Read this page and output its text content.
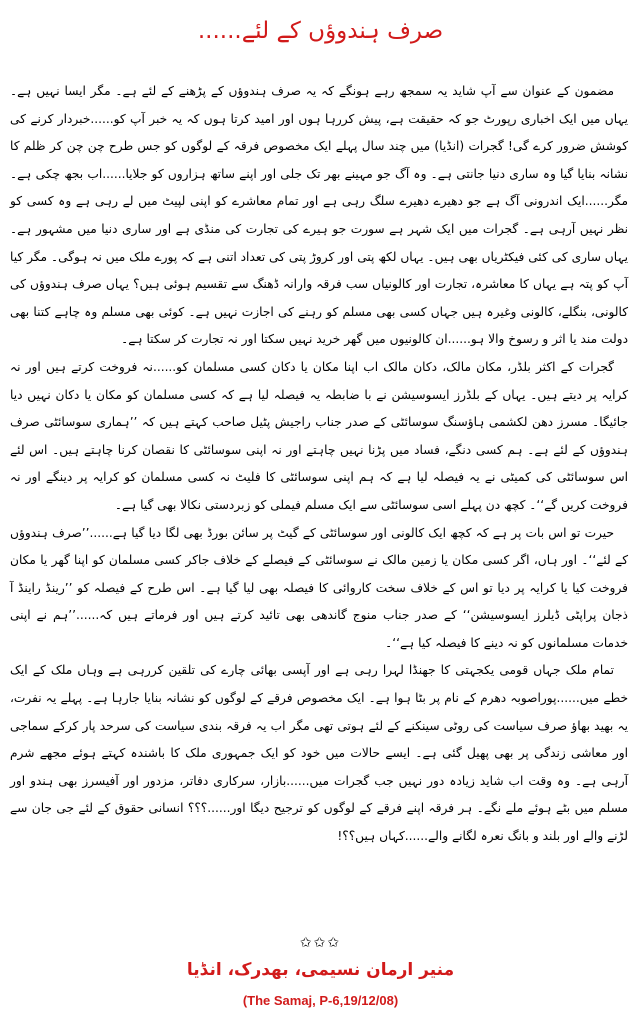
صرف ہندوؤں کے لئے......

مضمون کے عنوان سے آپ شاید یہ سمجھ رہے ہونگے کہ یہ صرف ہندوؤں کے پڑھنے کے لئے ہے۔ مگر ایسا نہیں ہے۔ یہاں میں ایک اخباری رپورٹ جو کہ حقیقت ہے، پیش کررہا ہوں اور امید کرتا ہوں کہ یہ خبر آپ کو......خبردار کرنے کی کوشش ضرور کرے گی! گجرات (انڈیا) میں چند سال پہلے ایک مخصوص فرقہ کے لوگوں کو جس طرح چن چن کر ظلم کا نشانہ بنایا گیا وہ ساری دنیا جانتی ہے۔ وہ آگ جو مہینے بھر تک جلی اور اپنے ساتھ ہزاروں کو جلایا......اب بجھ چکی ہے۔ مگر......ایک اندرونی آگ ہے جو دھیرے دھیرے سلگ رہی ہے اور تمام معاشرے کو اپنی لپیٹ میں لے رہی ہے وہ کسی کو نظر نہیں آرہی ہے۔ گجرات میں ایک شہر ہے سورت جو ہیرے کی تجارت کی منڈی ہے اور ساری دنیا میں مشہور ہے۔ یہاں ساری کی کئی فیکٹریاں بھی ہیں۔ یہاں لکھ پتی اور کروڑ پتی کی تعداد اتنی ہے کہ پورے ملک میں نہ ہوگی۔ مگر کیا آپ کو پتہ ہے یہاں کا معاشرہ، تجارت اور کالونیاں سب فرقہ وارانہ ڈھنگ سے تقسیم ہوئی ہیں؟ یہاں صرف ہندوؤں کی کالونی، بنگلے، کالونی وغیرہ ہیں جہاں کسی بھی مسلم کو رہنے کی اجازت نہیں ہے۔ کوئی بھی مسلم وہ چاہے کتنا بھی دولت مند یا اثر و رسوخ والا ہو......ان کالونیوں میں گھر خرید نہیں سکتا اور نہ تجارت کر سکتا ہے۔

گجرات کے اکثر بلڈر، مکان مالک، دکان مالک اب اپنا مکان یا دکان کسی مسلمان کو......نہ فروخت کرتے ہیں اور نہ کرایہ پر دیتے ہیں۔ یہاں کے بلڈرز ایسوسیشن نے با ضابطہ یہ فیصلہ لیا ہے کہ کسی مسلمان کو مکان یا دکان نہیں دیا جائیگا۔ مسرز دھن لکشمی ہاؤسنگ سوسائٹی کے صدر جناب راجیش پٹیل صاحب کہتے ہیں کہ ’’ہماری سوسائٹی صرف ہندوؤں کے لئے ہے۔ ہم کسی دنگے، فساد میں پڑنا نہیں چاہتے اور نہ اپنی سوسائٹی کا نقصان کرنا چاہتے ہیں۔ اس لئے اس سوسائٹی کی کمیٹی نے یہ فیصلہ لیا ہے کہ ہم اپنی سوسائٹی کا فلیٹ نہ کسی مسلمان کو کرایہ پر دینگے اور نہ فروخت کریں گے‘‘۔ کچھ دن پہلے اسی سوسائٹی سے ایک مسلم فیملی کو زبردستی نکالا بھی گیا ہے۔

حیرت تو اس بات پر ہے کہ کچھ ایک کالونی اور سوسائٹی کے گیٹ پر سائن بورڈ بھی لگا دیا گیا ہے......’’صرف ہندوؤں کے لئے‘‘۔ اور ہاں، اگر کسی مکان یا زمین مالک نے سوسائٹی کے فیصلے کے خلاف جاکر کسی مسلمان کو اپنا گھر یا مکان فروخت کیا یا کرایہ پر دیا تو اس کے خلاف سخت کاروائی کا فیصلہ بھی لیا گیا ہے۔ اس طرح کے فیصلہ کو ’’رینڈ راینڈ آ ذجان پراپٹی ڈیلرز ایسوسیشن‘‘ کے صدر جناب منوج گاندھی بھی تائید کرتے ہیں اور فرماتے ہیں کہ......’’ہم نے اپنی خدمات مسلمانوں کو نہ دینے کا فیصلہ کیا ہے‘‘۔

تمام ملک جہاں قومی یکجہتی کا جھنڈا لہرا رہی ہے اور آپسی بھائی چارے کی تلقین کررہی ہے وہاں ملک کے ایک خطے میں......پوراصوبہ دھرم کے نام پر بٹا ہوا ہے۔ ایک مخصوص فرقے کے لوگوں کو نشانہ بنایا جارہا ہے۔ پہلے یہ نفرت، یہ بھید بھاؤ صرف سیاست کی روٹی سینکنے کے لئے ہوتی تھی مگر اب یہ فرقہ بندی سیاست کی سرحد پار کرکے سماجی اور معاشی زندگی پر بھی پھیل گئی ہے۔ ایسے حالات میں خود کو ایک جمہوری ملک کا باشندہ کہتے ہوئے مجھے شرم آرہی ہے۔ وہ وقت اب شاید زیادہ دور نہیں جب گجرات میں......بازار، سرکاری دفاتر، مزدور اور آفیسرز بھی ہندو اور مسلم میں بٹے ہوئے ملے نگے۔ ہر فرقہ اپنے فرقے کے لوگوں کو ترجیح دیگا اور......؟؟؟ انسانی حقوق کے لئے جی جان سے لڑنے والے اور بلند و بانگ نعرہ لگانے والے......کہاں ہیں؟؟!

✩✩✩
منیر ارمان نسیمی، بھدرک، انڈیا
(The Samaj, P-6,19/12/08)
